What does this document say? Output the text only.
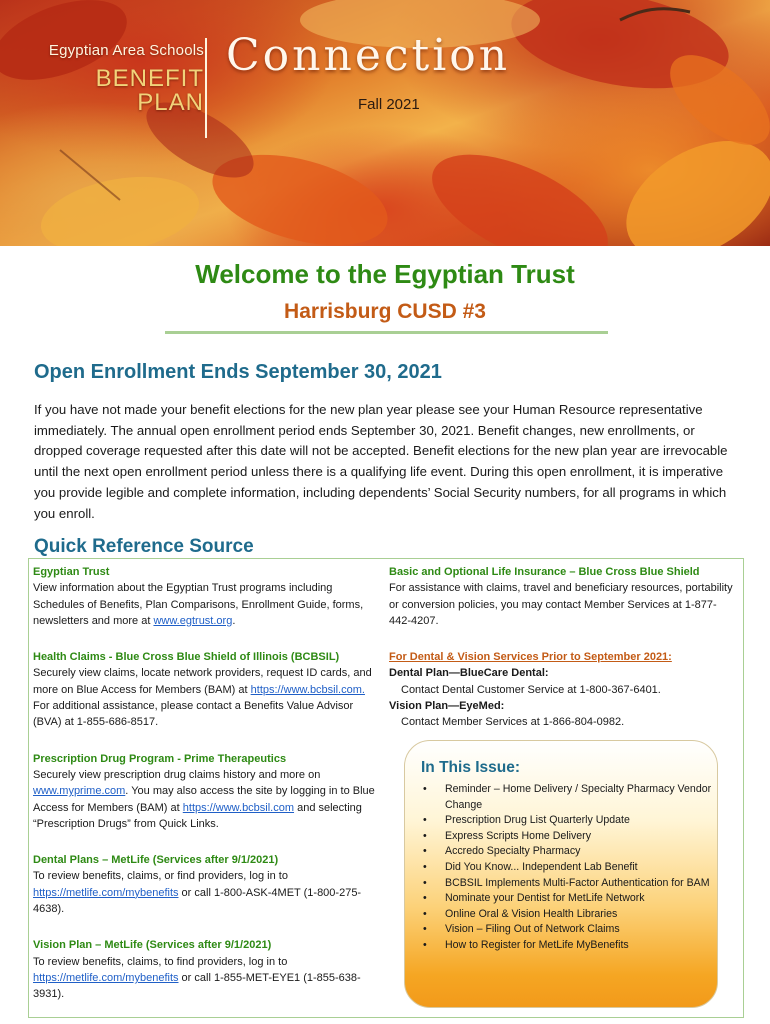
Egyptian Area Schools
BENEFIT
PLAN
Connection
Fall 2021
Welcome to the Egyptian Trust
Harrisburg CUSD #3
Open Enrollment Ends September 30, 2021
If you have not made your benefit elections for the new plan year please see your Human Resource representative immediately. The annual open enrollment period ends September 30, 2021. Benefit changes, new enrollments, or dropped coverage requested after this date will not be accepted. Benefit elections for the new plan year are irrevocable until the next open enrollment period unless there is a qualifying life event. During this open enrollment, it is imperative you provide legible and complete information, including dependents’ Social Security numbers, for all programs in which you enroll.
Quick Reference Source
Egyptian Trust
View information about the Egyptian Trust programs including Schedules of Benefits, Plan Comparisons, Enrollment Guide, forms, newsletters and more at www.egtrust.org.
Health Claims - Blue Cross Blue Shield of Illinois (BCBSIL)
Securely view claims, locate network providers, request ID cards, and more on Blue Access for Members (BAM) at https://www.bcbsil.com. For additional assistance, please contact a Benefits Value Advisor (BVA) at 1-855-686-8517.
Prescription Drug Program - Prime Therapeutics
Securely view prescription drug claims history and more on www.myprime.com. You may also access the site by logging in to Blue Access for Members (BAM) at https://www.bcbsil.com and selecting “Prescription Drugs” from Quick Links.
Dental Plans – MetLife (Services after 9/1/2021)
To review benefits, claims, or find providers, log in to https://metlife.com/mybenefits or call 1-800-ASK-4MET (1-800-275-4638).
Vision Plan – MetLife (Services after 9/1/2021)
To review benefits, claims, to find providers, log in to https://metlife.com/mybenefits or call 1-855-MET-EYE1 (1-855-638-3931).
Basic and Optional Life Insurance – Blue Cross Blue Shield
For assistance with claims, travel and beneficiary resources, portability or conversion policies, you may contact Member Services at 1-877-442-4207.
For Dental & Vision Services Prior to September 2021:
Dental Plan—BlueCare Dental:
Contact Dental Customer Service at 1-800-367-6401.
Vision Plan—EyeMed:
Contact Member Services at 1-866-804-0982.
In This Issue:
• Reminder – Home Delivery / Specialty Pharmacy Vendor Change
• Prescription Drug List Quarterly Update
• Express Scripts Home Delivery
• Accredo Specialty Pharmacy
• Did You Know... Independent Lab Benefit
• BCBSIL Implements Multi-Factor Authentication for BAM
• Nominate your Dentist for MetLife Network
• Online Oral & Vision Health Libraries
• Vision – Filing Out of Network Claims
• How to Register for MetLife MyBenefits
